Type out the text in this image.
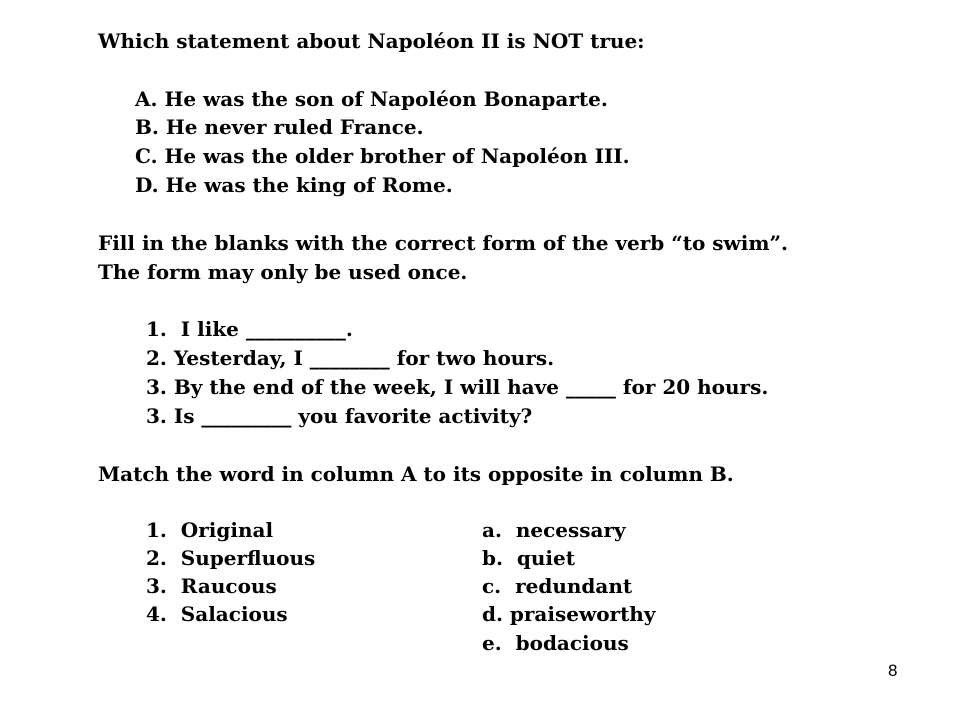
Which statement about Napoléon II is NOT true:
A. He was the son of Napoléon Bonaparte.
B. He never ruled France.
C. He was the older brother of Napoléon III.
D. He was the king of Rome.
Fill in the blanks with the correct form of the verb “to swim”.
The form may only be used once.
1.  I like __________.
2. Yesterday, I ________ for two hours.
3. By the end of the week, I will have _____ for 20 hours.
3. Is _________ you favorite activity?
Match the word in column A to its opposite in column B.
1.  Original
2.  Superfluous
3.  Raucous
4.  Salacious
a.  necessary
b.  quiet
c.  redundant
d. praiseworthy
e.  bodacious
8
